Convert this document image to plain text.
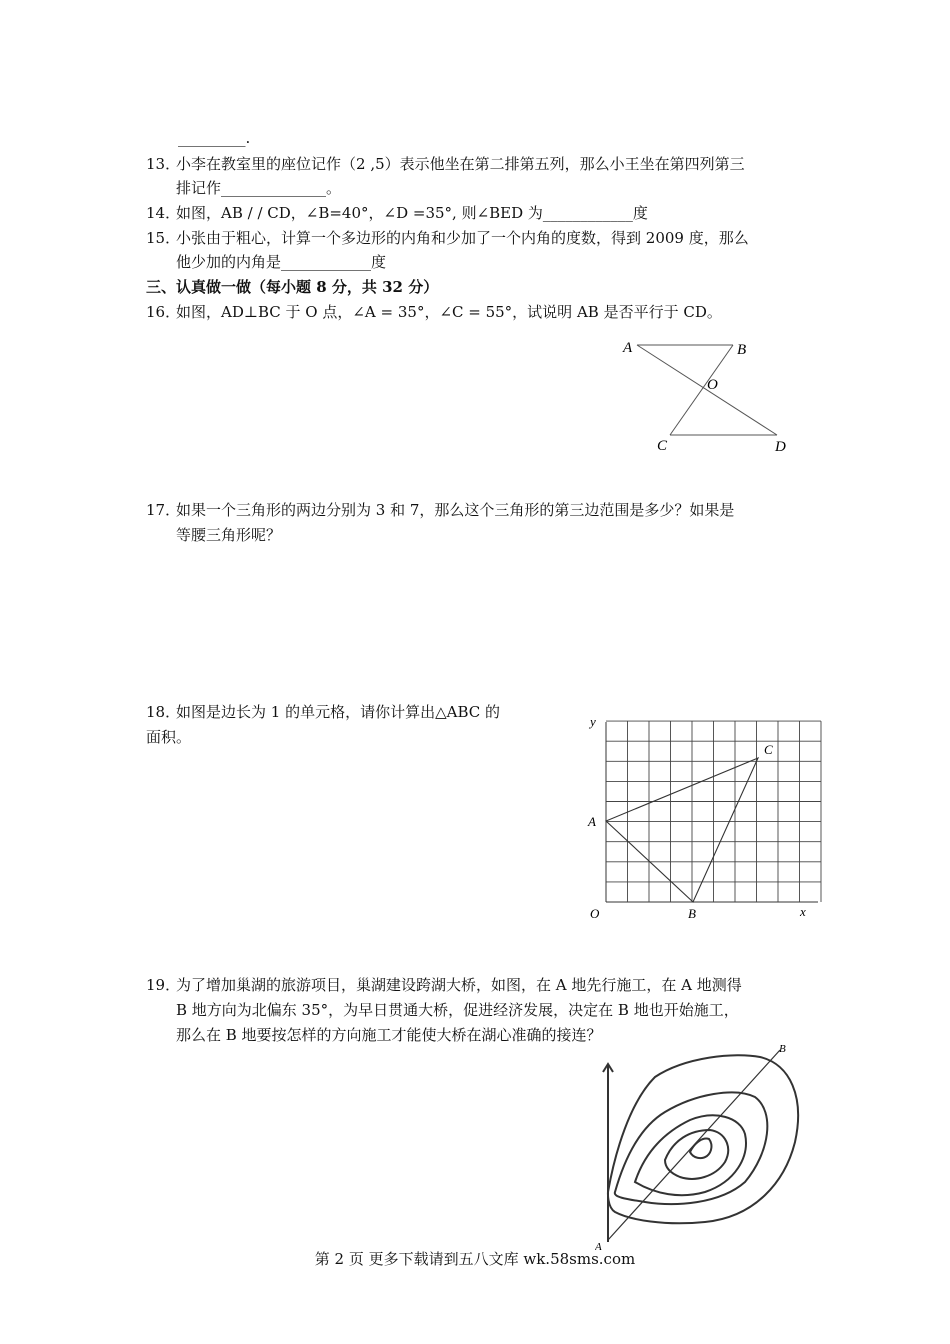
_________.
13．小李在教室里的座位记作（2 ,5）表示他坐在第二排第五列，那么小王坐在第四列第三
排记作______________。
14．如图，AB / / CD，∠B=40°，∠D =35°, 则∠BED 为____________度
15．小张由于粗心，计算一个多边形的内角和少加了一个内角的度数，得到 2009 度，那么
他少加的内角是____________度
三、认真做一做（每小题 8 分，共 32 分）
16．如图，AD⊥BC 于 O 点，∠A = 35°，∠C = 55°，试说明 AB 是否平行于 CD。
A	B
O
C	D
17．如果一个三角形的两边分别为 3 和 7，那么这个三角形的第三边范围是多少？如果是
等腰三角形呢？
18．如图是边长为 1 的单元格，请你计算出△ABC 的
面积。
y
x
O
A
B
C
19．为了增加巢湖的旅游项目，巢湖建设跨湖大桥，如图，在 A 地先行施工，在 A 地测得
B 地方向为北偏东 35°，为早日贯通大桥，促进经济发展，决定在 B 地也开始施工，
那么在 B 地要按怎样的方向施工才能使大桥在湖心准确的接连？
A
B
第 2 页 更多下载请到五八文库 wk.58sms.com
